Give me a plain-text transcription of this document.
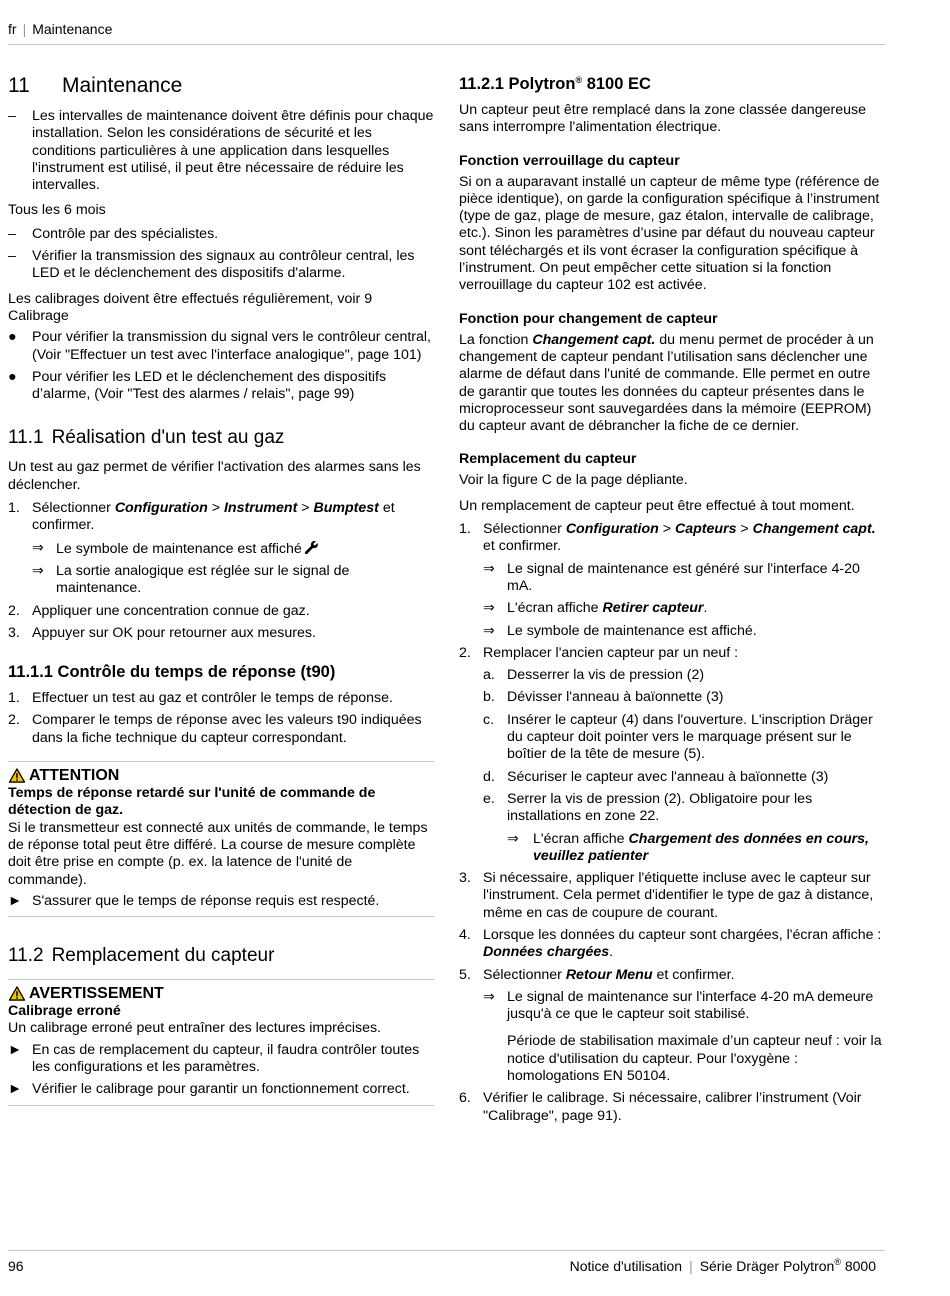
fr | Maintenance
11 Maintenance
– Les intervalles de maintenance doivent être définis pour chaque installation. Selon les considérations de sécurité et les conditions particulières à une application dans lesquelles l'instrument est utilisé, il peut être nécessaire de réduire les intervalles.

Tous les 6 mois

– Contrôle par des spécialistes.
– Vérifier la transmission des signaux au contrôleur central, les LED et le déclenchement des dispositifs d'alarme.

Les calibrages doivent être effectués régulièrement, voir 9 Calibrage

● Pour vérifier la transmission du signal vers le contrôleur central, (Voir "Effectuer un test avec l'interface analogique", page 101)
● Pour vérifier les LED et le déclenchement des dispositifs d’alarme, (Voir "Test des alarmes / relais", page 99)
11.1 Réalisation d'un test au gaz

Un test au gaz permet de vérifier l'activation des alarmes sans les déclencher.

1. Sélectionner Configuration > Instrument > Bumptest et confirmer.
⇒ Le symbole de maintenance est affiché
⇒ La sortie analogique est réglée sur le signal de maintenance.
2. Appliquer une concentration connue de gaz.
3. Appuyer sur OK pour retourner aux mesures.
11.1.1 Contrôle du temps de réponse (t90)
1. Effectuer un test au gaz et contrôler le temps de réponse.
2. Comparer le temps de réponse avec les valeurs t90 indiquées dans la fiche technique du capteur correspondant.
ATTENTION

Temps de réponse retardé sur l'unité de commande de détection de gaz.

Si le transmetteur est connecté aux unités de commande, le temps de réponse total peut être différé. La course de mesure complète doit être prise en compte (p. ex. la latence de l'unité de commande).

► S'assurer que le temps de réponse requis est respecté.
11.2 Remplacement du capteur
AVERTISSEMENT

Calibrage erroné

Un calibrage erroné peut entraîner des lectures imprécises.

► En cas de remplacement du capteur, il faudra contrôler toutes les configurations et les paramètres.
► Vérifier le calibrage pour garantir un fonctionnement correct.
11.2.1 Polytron® 8100 EC

Un capteur peut être remplacé dans la zone classée dangereuse sans interrompre l'alimentation électrique.

Fonction verrouillage du capteur

Si on a auparavant installé un capteur de même type (référence de pièce identique), on garde la configuration spécifique à l’instrument (type de gaz, plage de mesure, gaz étalon, intervalle de calibrage, etc.). Sinon les paramètres d’usine par défaut du nouveau capteur sont téléchargés et ils vont écraser la configuration spécifique à l’instrument. On peut empêcher cette situation si la fonction verrouillage du capteur 102 est activée.

Fonction pour changement de capteur

La fonction Changement capt. du menu permet de procéder à un changement de capteur pendant l’utilisation sans déclencher une alarme de défaut dans l'unité de commande. Elle permet en outre de garantir que toutes les données du capteur présentes dans le microprocesseur sont sauvegardées dans la mémoire (EEPROM) du capteur avant de débrancher la fiche de ce dernier.

Remplacement du capteur

Voir la figure C de la page dépliante.

Un remplacement de capteur peut être effectué à tout moment.

1. Sélectionner Configuration > Capteurs > Changement capt. et confirmer.
⇒ Le signal de maintenance est généré sur l'interface 4-20 mA.
⇒ L'écran affiche Retirer capteur.
⇒ Le symbole de maintenance est affiché.
2. Remplacer l'ancien capteur par un neuf :
a. Desserrer la vis de pression (2)
b. Dévisser l'anneau à baïonnette (3)
c. Insérer le capteur (4) dans l'ouverture. L'inscription Dräger du capteur doit pointer vers le marquage présent sur le boîtier de la tête de mesure (5).
d. Sécuriser le capteur avec l'anneau à baïonnette (3)
e. Serrer la vis de pression (2). Obligatoire pour les installations en zone 22.
⇒ L'écran affiche Chargement des données en cours, veuillez patienter
3. Si nécessaire, appliquer l'étiquette incluse avec le capteur sur l'instrument. Cela permet d'identifier le type de gaz à distance, même en cas de coupure de courant.
4. Lorsque les données du capteur sont chargées, l'écran affiche : Données chargées.
5. Sélectionner Retour Menu et confirmer.
⇒ Le signal de maintenance sur l'interface 4-20 mA demeure jusqu'à ce que le capteur soit stabilisé.
Période de stabilisation maximale d’un capteur neuf : voir la notice d'utilisation du capteur. Pour l'oxygène : homologations EN 50104.
6. Vérifier le calibrage. Si nécessaire, calibrer l’instrument (Voir "Calibrage", page 91).
96	Notice d'utilisation | Série Dräger Polytron® 8000
